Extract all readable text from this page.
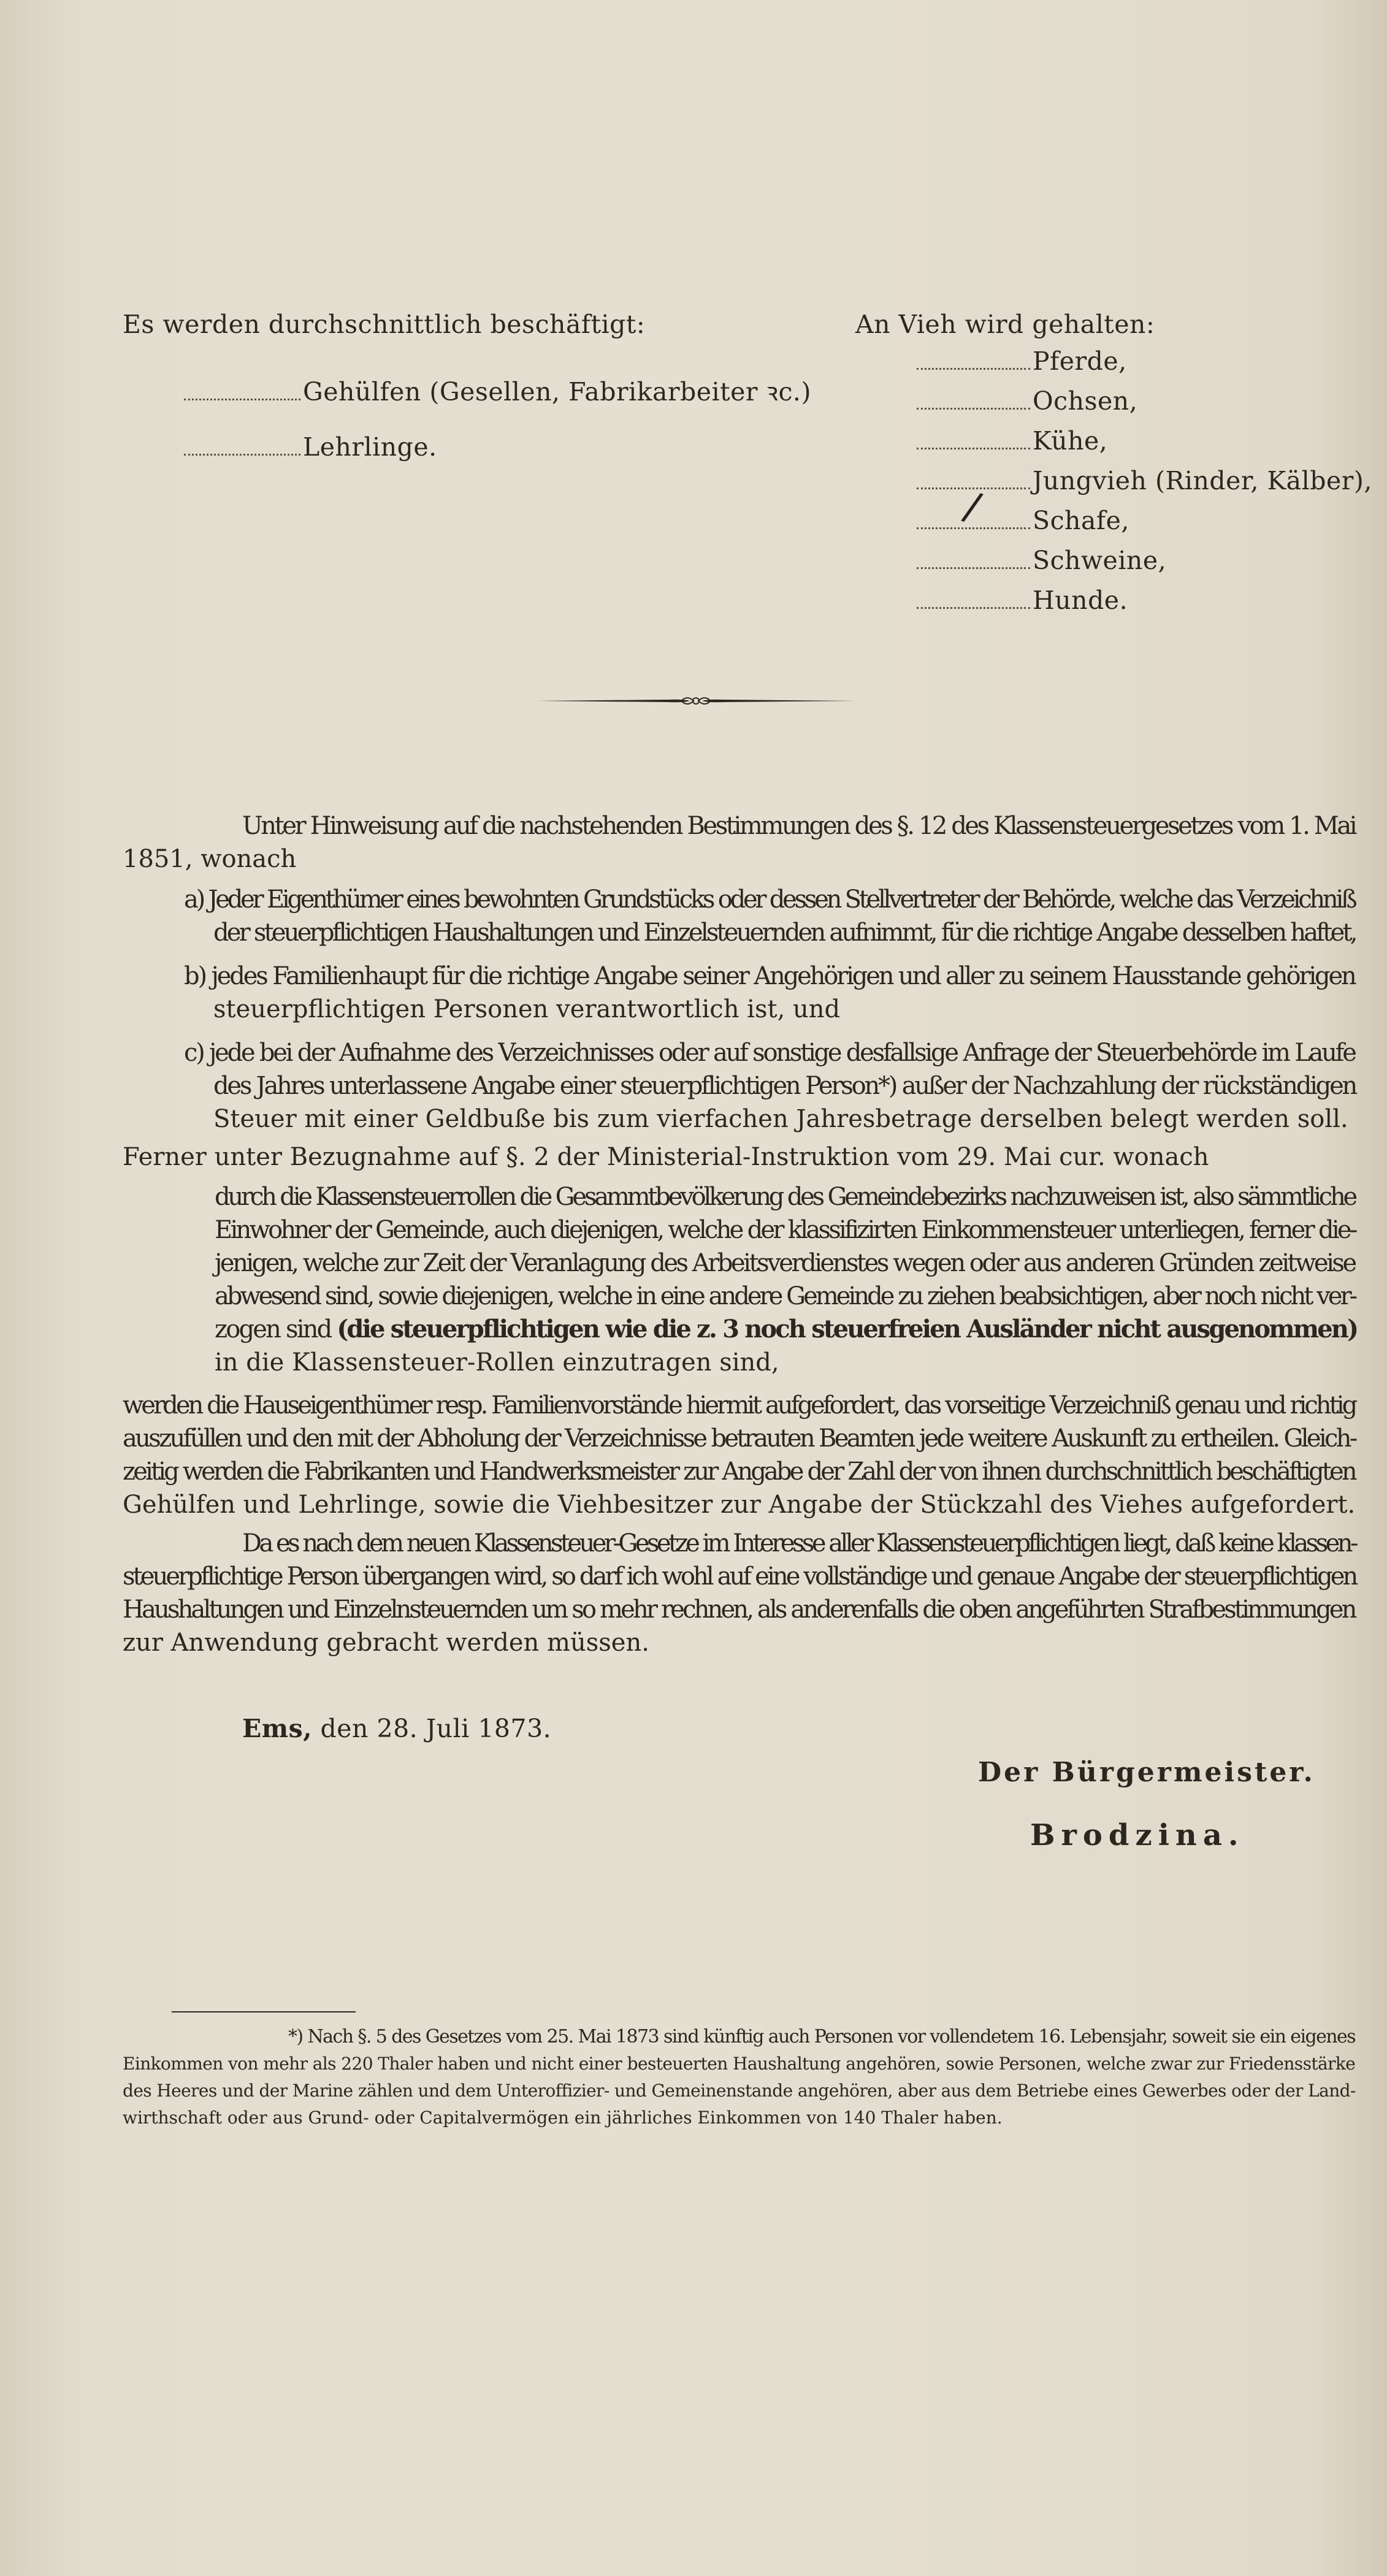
Es werden durchschnittlich beschäftigt:
Gehülfen (Gesellen, Fabrikarbeiter ꝛc.)
Lehrlinge.
An Vieh wird gehalten:
Pferde,
Ochsen,
Kühe,
Jungvieh (Rinder, Kälber),
Schafe,
/
Schweine,
Hunde.
Unter Hinweisung auf die nachstehenden Bestimmungen des §. 12 des Klassensteuergesetzes vom 1. Mai
1851, wonach
a) Jeder Eigenthümer eines bewohnten Grundstücks oder dessen Stellvertreter der Behörde, welche das Verzeichniß
der steuerpflichtigen Haushaltungen und Einzelsteuernden aufnimmt, für die richtige Angabe desselben haftet,
b) jedes Familienhaupt für die richtige Angabe seiner Angehörigen und aller zu seinem Hausstande gehörigen
steuerpflichtigen Personen verantwortlich ist, und
c) jede bei der Aufnahme des Verzeichnisses oder auf sonstige desfallsige Anfrage der Steuerbehörde im Laufe
des Jahres unterlassene Angabe einer steuerpflichtigen Person*) außer der Nachzahlung der rückständigen
Steuer mit einer Geldbuße bis zum vierfachen Jahresbetrage derselben belegt werden soll.
Ferner unter Bezugnahme auf §. 2 der Ministerial-Instruktion vom 29. Mai cur. wonach
durch die Klassensteuerrollen die Gesammtbevölkerung des Gemeindebezirks nachzuweisen ist, also sämmtliche
Einwohner der Gemeinde, auch diejenigen, welche der klassifizirten Einkommensteuer unterliegen, ferner die-
jenigen, welche zur Zeit der Veranlagung des Arbeitsverdienstes wegen oder aus anderen Gründen zeitweise
abwesend sind, sowie diejenigen, welche in eine andere Gemeinde zu ziehen beabsichtigen, aber noch nicht ver-
zogen sind (die steuerpflichtigen wie die z. 3 noch steuerfreien Ausländer nicht ausgenommen)
in die Klassensteuer-Rollen einzutragen sind,
werden die Hauseigenthümer resp. Familienvorstände hiermit aufgefordert, das vorseitige Verzeichniß genau und richtig
auszufüllen und den mit der Abholung der Verzeichnisse betrauten Beamten jede weitere Auskunft zu ertheilen. Gleich-
zeitig werden die Fabrikanten und Handwerksmeister zur Angabe der Zahl der von ihnen durchschnittlich beschäftigten
Gehülfen und Lehrlinge, sowie die Viehbesitzer zur Angabe der Stückzahl des Viehes aufgefordert.
Da es nach dem neuen Klassensteuer-Gesetze im Interesse aller Klassensteuerpflichtigen liegt, daß keine klassen-
steuerpflichtige Person übergangen wird, so darf ich wohl auf eine vollständige und genaue Angabe der steuerpflichtigen
Haushaltungen und Einzelnsteuernden um so mehr rechnen, als anderenfalls die oben angeführten Strafbestimmungen
zur Anwendung gebracht werden müssen.
Ems, den 28. Juli 1873.
Der Bürgermeister.
Brodzina.
*) Nach §. 5 des Gesetzes vom 25. Mai 1873 sind künftig auch Personen vor vollendetem 16. Lebensjahr, soweit sie ein eigenes
Einkommen von mehr als 220 Thaler haben und nicht einer besteuerten Haushaltung angehören, sowie Personen, welche zwar zur Friedensstärke
des Heeres und der Marine zählen und dem Unteroffizier- und Gemeinenstande angehören, aber aus dem Betriebe eines Gewerbes oder der Land-
wirthschaft oder aus Grund- oder Capitalvermögen ein jährliches Einkommen von 140 Thaler haben.
